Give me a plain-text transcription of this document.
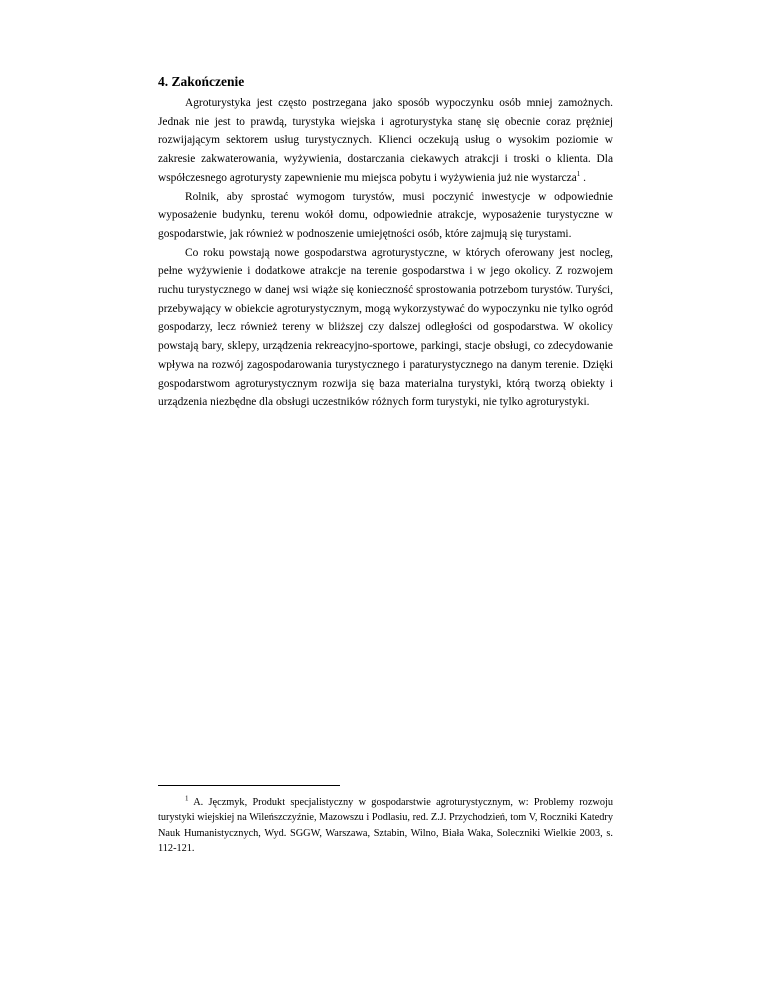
4. Zakończenie

Agroturystyka jest często postrzegana jako sposób wypoczynku osób mniej zamożnych. Jednak nie jest to prawdą, turystyka wiejska i agroturystyka stanę się obecnie coraz prężniej rozwijającym sektorem usług turystycznych. Klienci oczekują usług o wysokim poziomie w zakresie zakwaterowania, wyżywienia, dostarczania ciekawych atrakcji i troski o klienta. Dla współczesnego agroturysty zapewnienie mu miejsca pobytu i wyżywienia już nie wystarcza$^1$ .

Rolnik, aby sprostać wymogom turystów, musi poczynić inwestycje w odpowiednie wyposażenie budynku, terenu wokół domu, odpowiednie atrakcje, wyposażenie turystyczne w gospodarstwie, jak również w podnoszenie umiejętności osób, które zajmują się turystami.

Co roku powstają nowe gospodarstwa agroturystyczne, w których oferowany jest nocleg, pełne wyżywienie i dodatkowe atrakcje na terenie gospodarstwa i w jego okolicy. Z rozwojem ruchu turystycznego w danej wsi wiąże się konieczność sprostowania potrzebom turystów. Turyści, przebywający w obiekcie agroturystycznym, mogą wykorzystywać do wypoczynku nie tylko ogród gospodarzy, lecz również tereny w bliższej czy dalszej odległości od gospodarstwa. W okolicy powstają bary, sklepy, urządzenia rekreacyjno-sportowe, parkingi, stacje obsługi, co zdecydowanie wpływa na rozwój zagospodarowania turystycznego i paraturystycznego na danym terenie. Dzięki gospodarstwom agroturystycznym rozwija się baza materialna turystyki, którą tworzą obiekty i urządzenia niezbędne dla obsługi uczestników różnych form turystyki, nie tylko agroturystyki.

$^1$ A. Jęczmyk, Produkt specjalistyczny w gospodarstwie agroturystycznym, w: Problemy rozwoju turystyki wiejskiej na Wileńszczyźnie, Mazowszu i Podlasiu, red. Z.J. Przychodzień, tom V, Roczniki Katedry Nauk Humanistycznych, Wyd. SGGW, Warszawa, Sztabin, Wilno, Biała Waka, Soleczniki Wielkie 2003, s. 112-121.
